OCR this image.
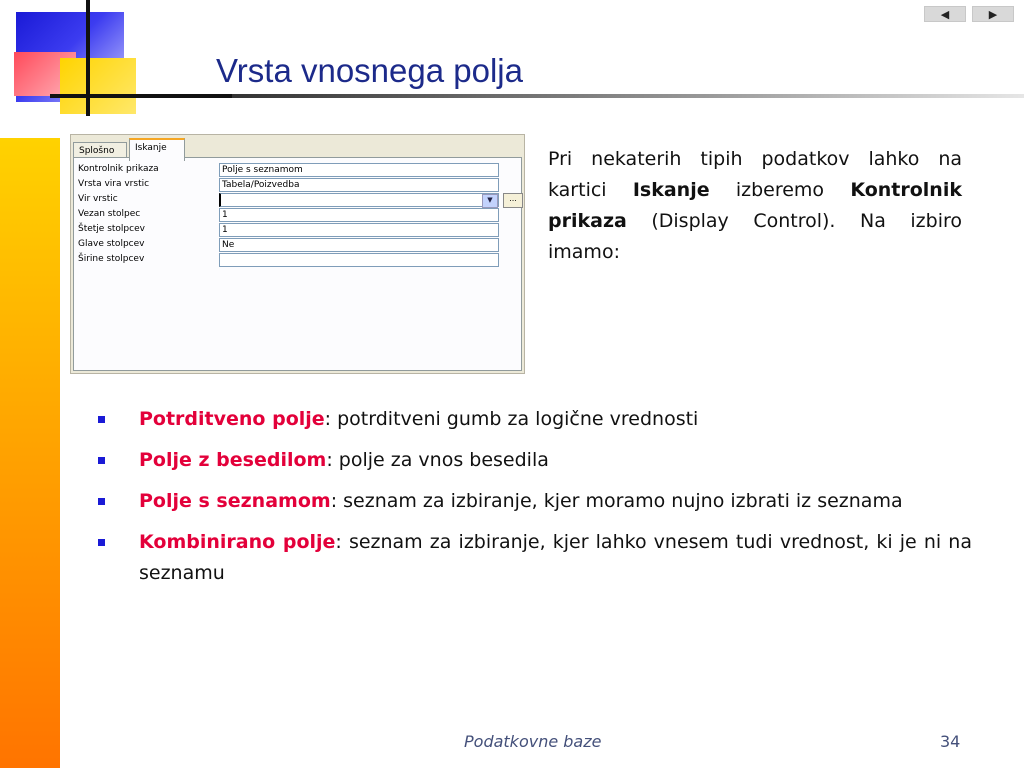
◀	▶
Vrsta vnosnega polja
Splošno	Iskanje
Kontrolnik prikaza	Polje s seznamom
Vrsta vira vrstic	Tabela/Poizvedba
Vir vrstic	▼	...
Vezan stolpec	1
Štetje stolpcev	1
Glave stolpcev	Ne
Širine stolpcev
Pri nekaterih tipih podatkov lahko na kartici Iskanje izberemo Kontrolnik prikaza (Display Control). Na izbiro imamo:
Potrditveno polje: potrditveni gumb za logične vrednosti
Polje z besedilom: polje za vnos besedila
Polje s seznamom: seznam za izbiranje, kjer moramo nujno izbrati iz seznama
Kombinirano polje: seznam za izbiranje, kjer lahko vnesem tudi vrednost, ki je ni na seznamu
Podatkovne baze	34
